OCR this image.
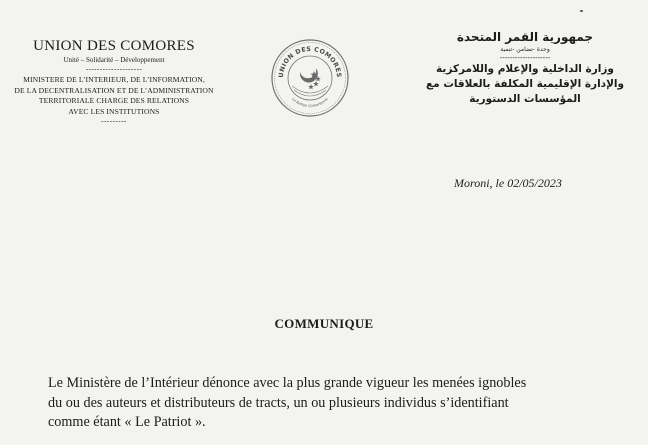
UNION DES COMORES
Unité – Solidarité – Développement
--------------------
MINISTERE DE L’INTERIEUR, DE L’INFORMATION,
DE LA DECENTRALISATION ET DE L’ADMINISTRATION
TERRITORIALE CHARGE DES RELATIONS
AVEC LES INSTITUTIONS
---------
UNION DES COMORES
La Nation Comorienne
جمهورية القمر المتحدة
وحدة -تضامن -تنمية
--------------------
وزارة الداخلية والإعلام واللامركزية
والإدارة الإقليمية المكلفة بالعلاقات مع
المؤسسات الدستورية
Moroni, le 02/05/2023
COMMUNIQUE

Le Ministère de l’Intérieur dénonce avec la plus grande vigueur les menées ignobles

du ou des auteurs et distributeurs de tracts, un ou plusieurs individus s’identifiant

comme étant « Le Patriot ».
